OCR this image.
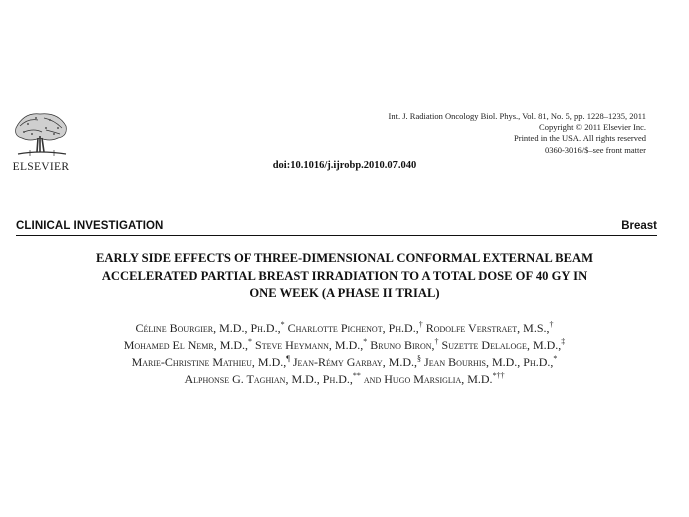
ELSEVIER
Int. J. Radiation Oncology Biol. Phys., Vol. 81, No. 5, pp. 1228–1235, 2011
Copyright © 2011 Elsevier Inc.
Printed in the USA. All rights reserved
0360-3016/$–see front matter
doi:10.1016/j.ijrobp.2010.07.040
CLINICAL INVESTIGATION	Breast
EARLY SIDE EFFECTS OF THREE-DIMENSIONAL CONFORMAL EXTERNAL BEAM
ACCELERATED PARTIAL BREAST IRRADIATION TO A TOTAL DOSE OF 40 GY IN
ONE WEEK (A PHASE II TRIAL)
Céline Bourgier, M.D., Ph.D.,* Charlotte Pichenot, Ph.D.,† Rodolfe Verstraet, M.S.,†
Mohamed El Nemr, M.D.,* Steve Heymann, M.D.,* Bruno Biron,† Suzette Delaloge, M.D.,‡
Marie-Christine Mathieu, M.D.,¶ Jean-Rémy Garbay, M.D.,§ Jean Bourhis, M.D., Ph.D.,*
Alphonse G. Taghian, M.D., Ph.D.,** and Hugo Marsiglia, M.D.*††
